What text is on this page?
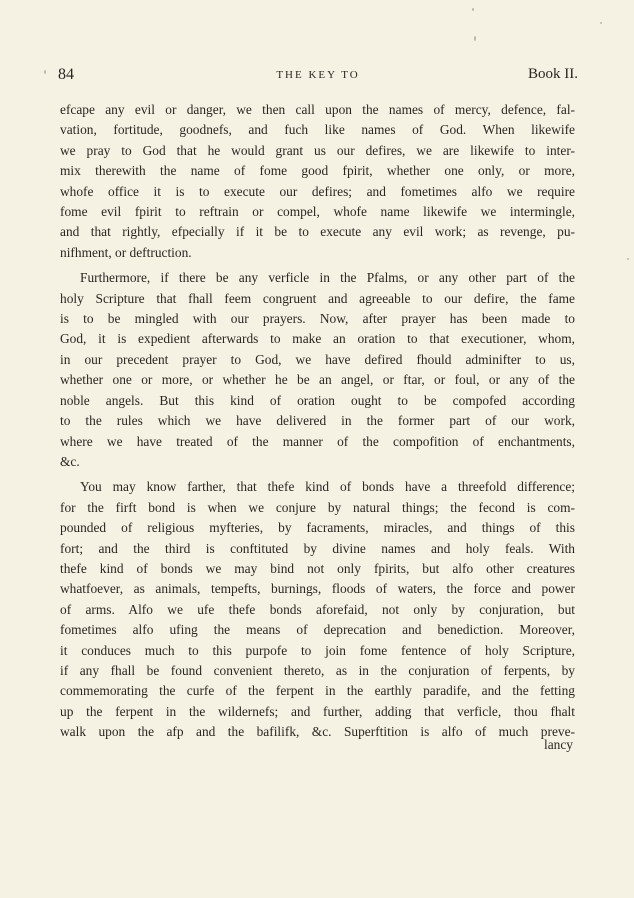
84	THE KEY TO	Book II.
efcape any evil or danger, we then call upon the names of mercy, defence, fal-
vation, fortitude, goodnefs, and fuch like names of God. When likewife
we pray to God that he would grant us our defires, we are likewife to inter-
mix therewith the name of fome good fpirit, whether one only, or more,
whofe office it is to execute our defires; and fometimes alfo we require
fome evil fpirit to reftrain or compel, whofe name likewife we intermingle,
and that rightly, efpecially if it be to execute any evil work; as revenge, pu-
nifhment, or deftruction.
Furthermore, if there be any verficle in the Pfalms, or any other part of the
holy Scripture that fhall feem congruent and agreeable to our defire, the fame
is to be mingled with our prayers. Now, after prayer has been made to
God, it is expedient afterwards to make an oration to that executioner, whom,
in our precedent prayer to God, we have defired fhould adminifter to us,
whether one or more, or whether he be an angel, or ftar, or foul, or any of the
noble angels. But this kind of oration ought to be compofed according
to the rules which we have delivered in the former part of our work,
where we have treated of the manner of the compofition of enchantments,
&c.
You may know farther, that thefe kind of bonds have a threefold difference;
for the firft bond is when we conjure by natural things; the fecond is com-
pounded of religious myfteries, by facraments, miracles, and things of this
fort; and the third is conftituted by divine names and holy feals. With
thefe kind of bonds we may bind not only fpirits, but alfo other creatures
whatfoever, as animals, tempefts, burnings, floods of waters, the force and power
of arms. Alfo we ufe thefe bonds aforefaid, not only by conjuration, but
fometimes alfo ufing the means of deprecation and benediction. Moreover,
it conduces much to this purpofe to join fome fentence of holy Scripture,
if any fhall be found convenient thereto, as in the conjuration of ferpents, by
commemorating the curfe of the ferpent in the earthly paradife, and the fetting
up the ferpent in the wildernefs; and further, adding that verficle, thou fhalt
walk upon the afp and the bafilifk, &c. Superftition is alfo of much preve-
lancy
